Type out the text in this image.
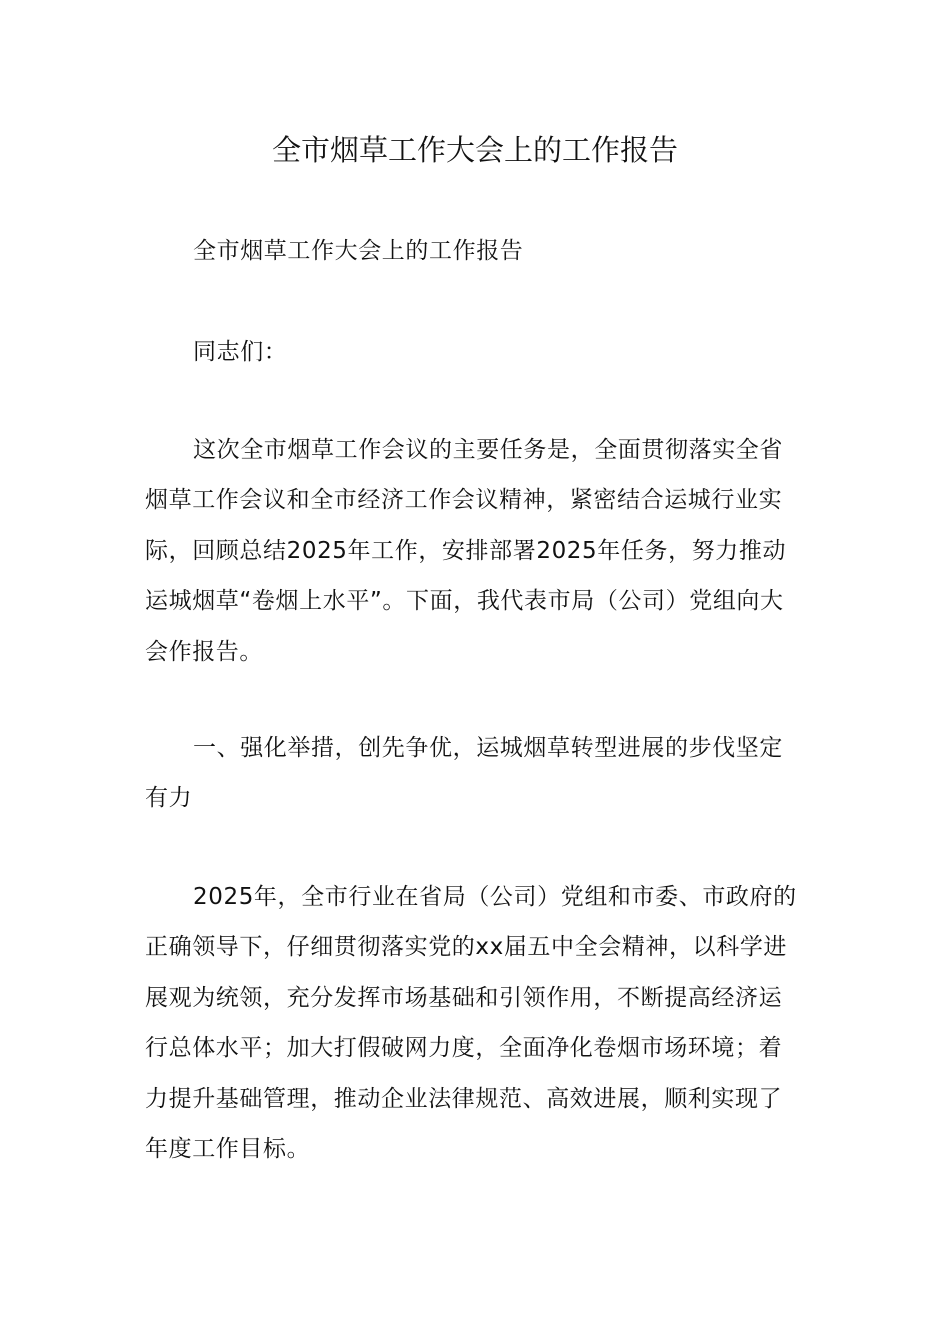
全市烟草工作大会上的工作报告

全市烟草工作大会上的工作报告

同志们：

这次全市烟草工作会议的主要任务是，全面贯彻落实全省烟草工作会议和全市经济工作会议精神，紧密结合运城行业实际，回顾总结2025年工作，安排部署2025年任务，努力推动运城烟草“卷烟上水平”。下面，我代表市局（公司）党组向大会作报告。

一、强化举措，创先争优，运城烟草转型进展的步伐坚定有力

2025年，全市行业在省局（公司）党组和市委、市政府的正确领导下，仔细贯彻落实党的xx届五中全会精神，以科学进展观为统领，充分发挥市场基础和引领作用，不断提高经济运行总体水平；加大打假破网力度，全面净化卷烟市场环境；着力提升基础管理，推动企业法律规范、高效进展，顺利实现了年度工作目标。
